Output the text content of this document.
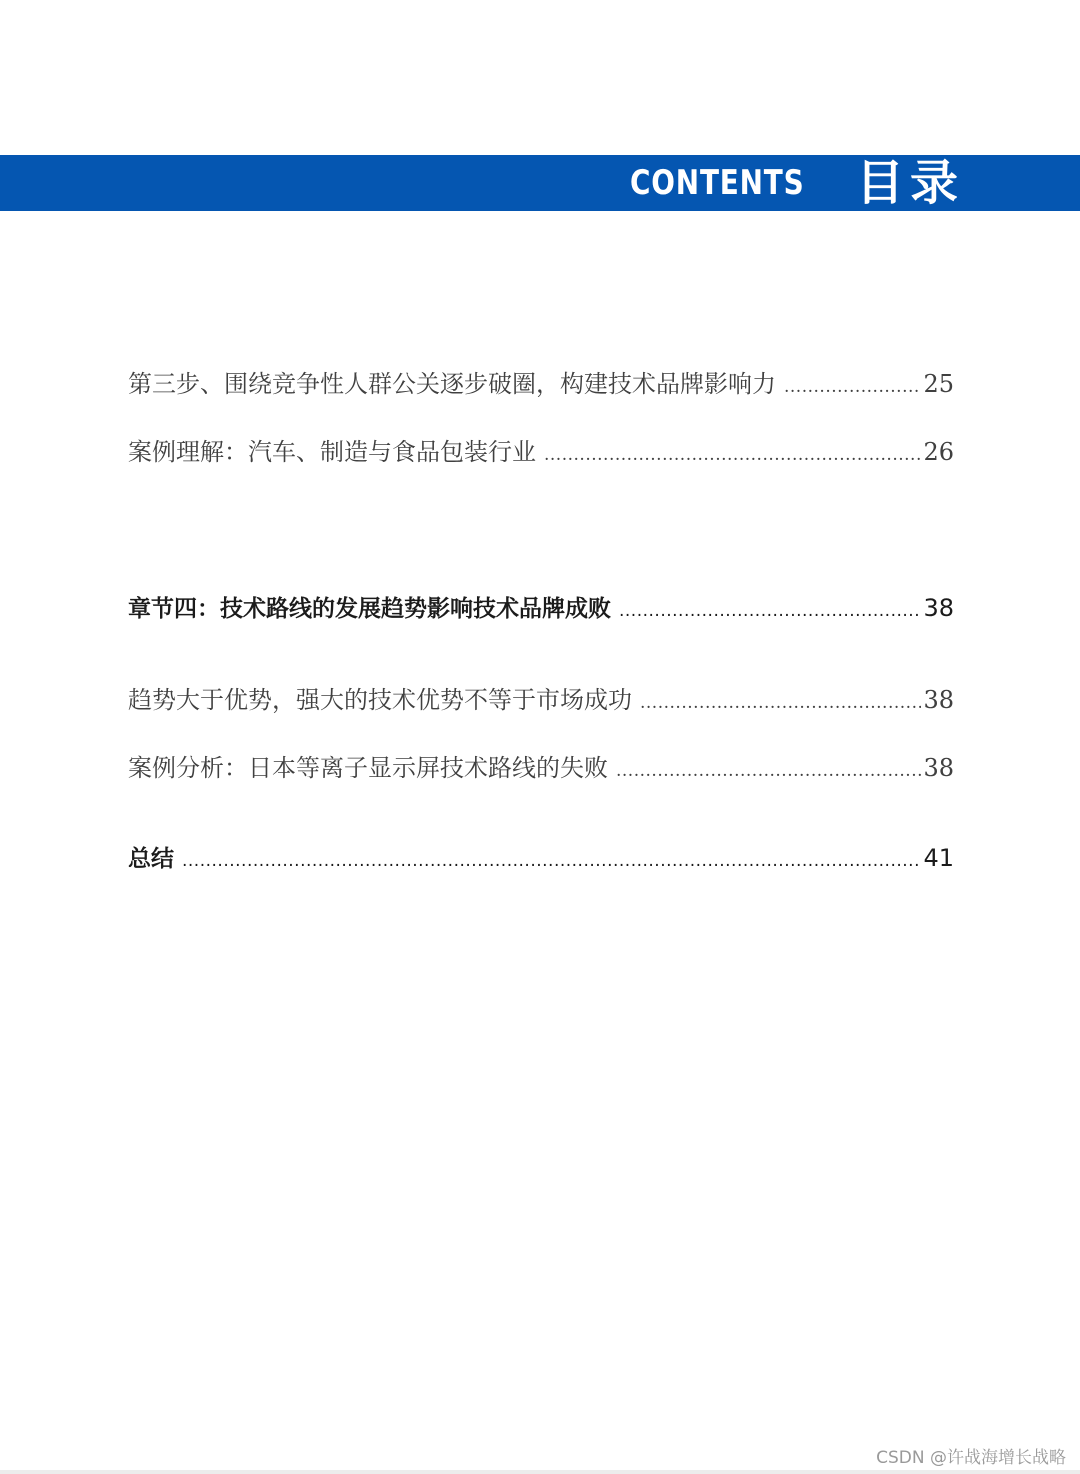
CONTENTS 目录
第三步、围绕竞争性人群公关逐步破圈，构建技术品牌影响力 .....	25
案例理解：汽车、制造与食品包装行业 .....	26
章节四：技术路线的发展趋势影响技术品牌成败 .....	38
趋势大于优势，强大的技术优势不等于市场成功 .....	38
案例分析：日本等离子显示屏技术路线的失败 .....	38
总结 .....	41
CSDN @许战海增长战略
